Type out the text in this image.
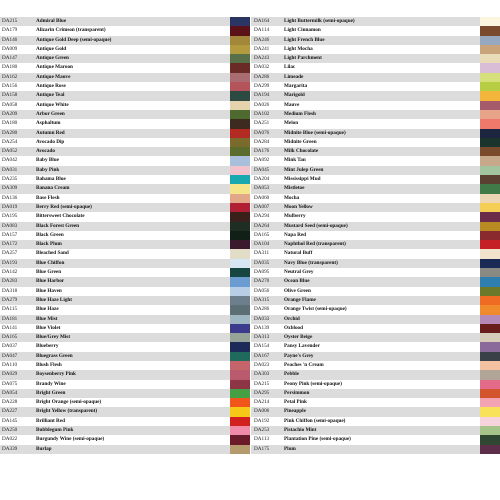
DA215	Admiral Blue
DA179	Alizarin Crimson (transparent)
DA146	Antique Gold Deep (semi-opaque)
DA009	Antique Gold
DA147	Antique Green
DA180	Antique Maroon
DA162	Antique Mauve
DA156	Antique Rose
DA158	Antique Teal
DA058	Antique White
DA209	Arbor Green
DA180	Asphaltum
DA280	Autumn Red
DA254	Avocado Dip
DA052	Avocado
DA042	Baby Blue
DA031	Baby Pink
DA235	Bahama Blue
DA309	Banana Cream
DA136	Base Flesh
DA019	Berry Red (semi-opaque)
DA195	Bittersweet Chocolate
DA083	Black Forest Green
DA157	Black Green
DA172	Black Plum
DA257	Bleached Sand
DA193	Blue Chiffon
DA142	Blue Green
DA283	Blue Harbor
DA318	Blue Haven
DA279	Blue Haze Light
DA115	Blue Haze
DA181	Blue Mist
DA141	Blue Violet
DA165	Blue/Grey Mist
DA037	Blueberry
DA047	Bluegrass Green
DA110	Blush Flesh
DA029	Boysenberry Pink
DA075	Brandy Wine
DA054	Bright Green
DA228	Bright Orange (semi-opaque)
DA227	Bright Yellow (transparent)
DA145	Brilliant Red
DA250	Bubblegum Pink
DA022	Burgundy Wine (semi-opaque)
DA339	Burlap
DA164	Light Buttermilk (semi-opaque)
DA114	Light Cinnamon
DA246	Light French Blue
DA241	Light Mocha
DA243	Light Parchment
DA032	Lilac
DA286	Limeade
DA299	Margarita
DA194	Marigold
DA026	Mauve
DA102	Medium Flesh
DA251	Melon
DA076	Midnite Blue (semi-opaque)
DA284	Midnite Green
DA176	Milk Chocolate
DA092	Mink Tan
DA045	Mint Julep Green
DA204	Mississippi Mud
DA053	Mistletoe
DA060	Mocha
DA007	Moon Yellow
DA294	Mulberry
DA264	Mustard Seed (semi-opaque)
DA165	Napa Red
DA104	Naphthol Red (transparent)
DA311	Natural Buff
DA035	Navy Blue (transparent)
DA095	Neutral Grey
DA270	Ocean Blue
DA056	Olive Green
DA315	Orange Flame
DA286	Orange Twist (semi-opaque)
DA033	Orchid
DA139	Oxblood
DA313	Oyster Beige
DA154	Pansy Lavender
DA167	Payne's Grey
DA023	Peaches 'n Cream
DA303	Pebble
DA215	Peony Pink (semi-opaque)
DA295	Persimmon
DA214	Petal Pink
DA006	Pineapple
DA192	Pink Chiffon (semi-opaque)
DA253	Pistachio Mint
DA113	Plantation Pine (semi-opaque)
DA175	Plum
